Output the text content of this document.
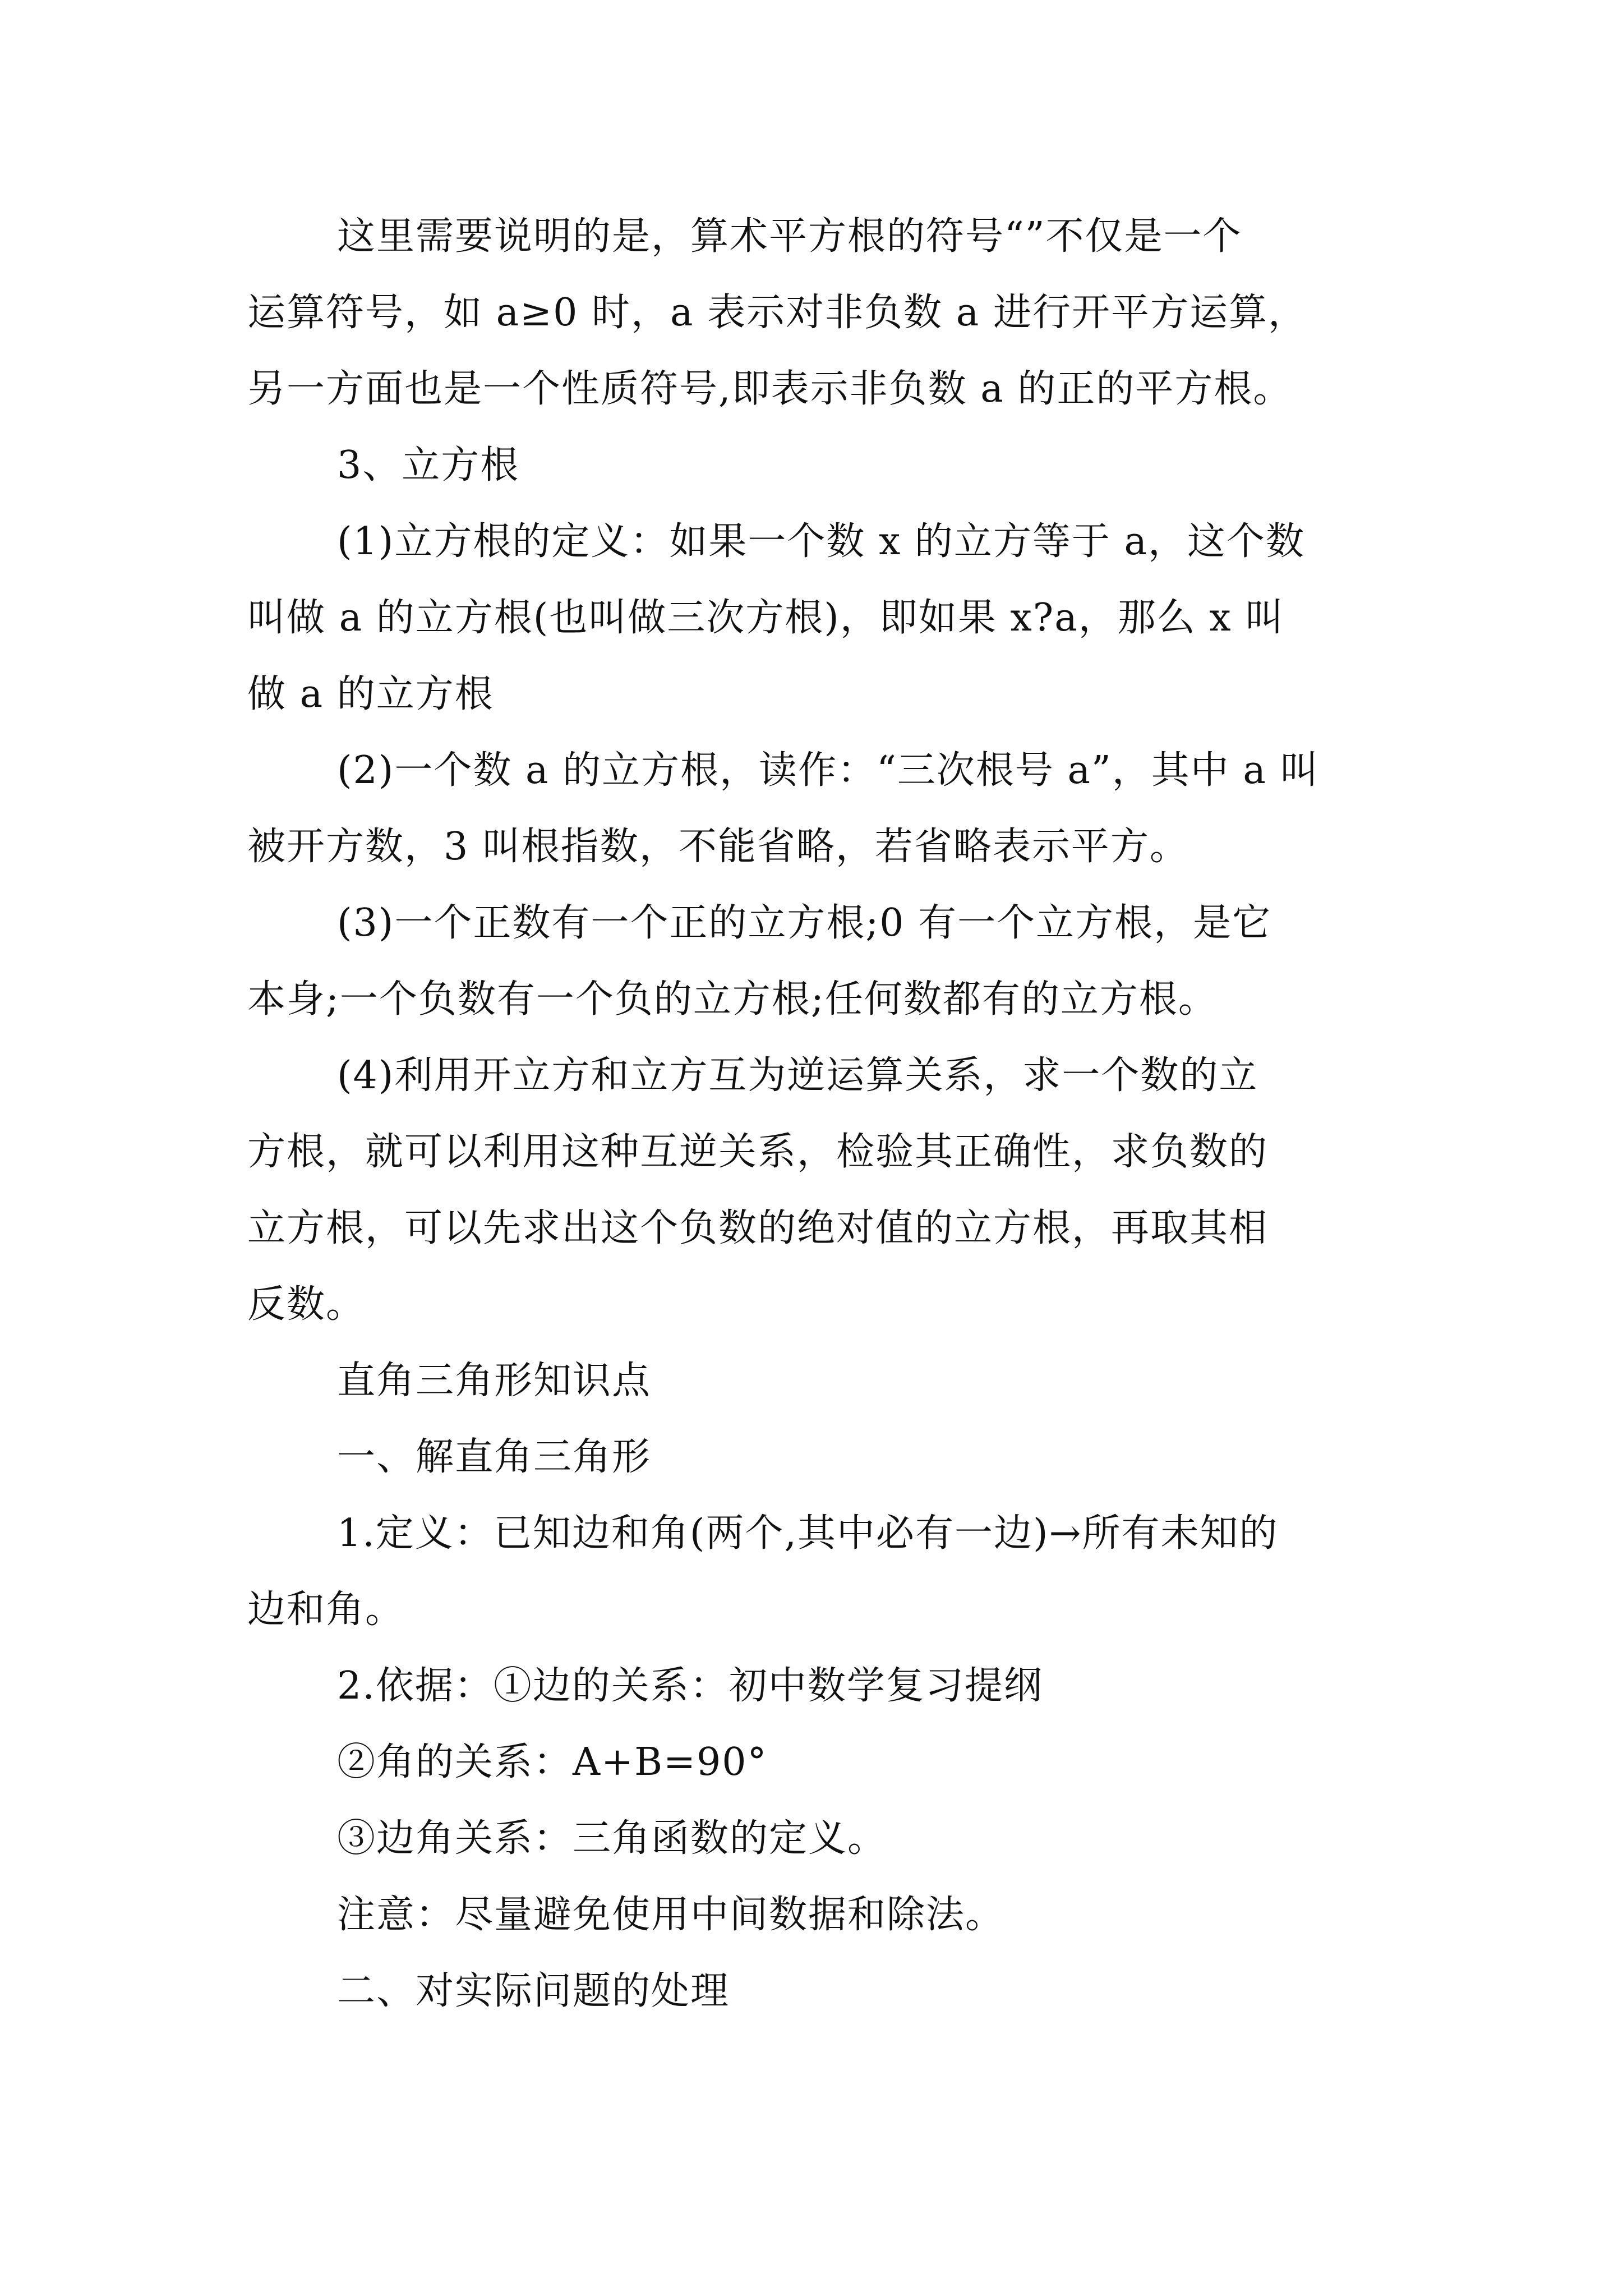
这里需要说明的是，算术平方根的符号“”不仅是一个
运算符号，如 a≥0 时，a 表示对非负数 a 进行开平方运算，
另一方面也是一个性质符号,即表示非负数 a 的正的平方根。
3、立方根
(1)立方根的定义：如果一个数 x 的立方等于 a，这个数
叫做 a 的立方根(也叫做三次方根)，即如果 x?a，那么 x 叫
做 a 的立方根
(2)一个数 a 的立方根，读作：“三次根号 a”，其中 a 叫
被开方数，3 叫根指数，不能省略，若省略表示平方。
(3)一个正数有一个正的立方根;0 有一个立方根，是它
本身;一个负数有一个负的立方根;任何数都有的立方根。
(4)利用开立方和立方互为逆运算关系，求一个数的立
方根，就可以利用这种互逆关系，检验其正确性，求负数的
立方根，可以先求出这个负数的绝对值的立方根，再取其相
反数。
直角三角形知识点
一、解直角三角形
1.定义：已知边和角(两个,其中必有一边)→所有未知的
边和角。
2.依据：①边的关系：初中数学复习提纲
②角的关系：A+B=90°
③边角关系：三角函数的定义。
注意：尽量避免使用中间数据和除法。
二、对实际问题的处理
